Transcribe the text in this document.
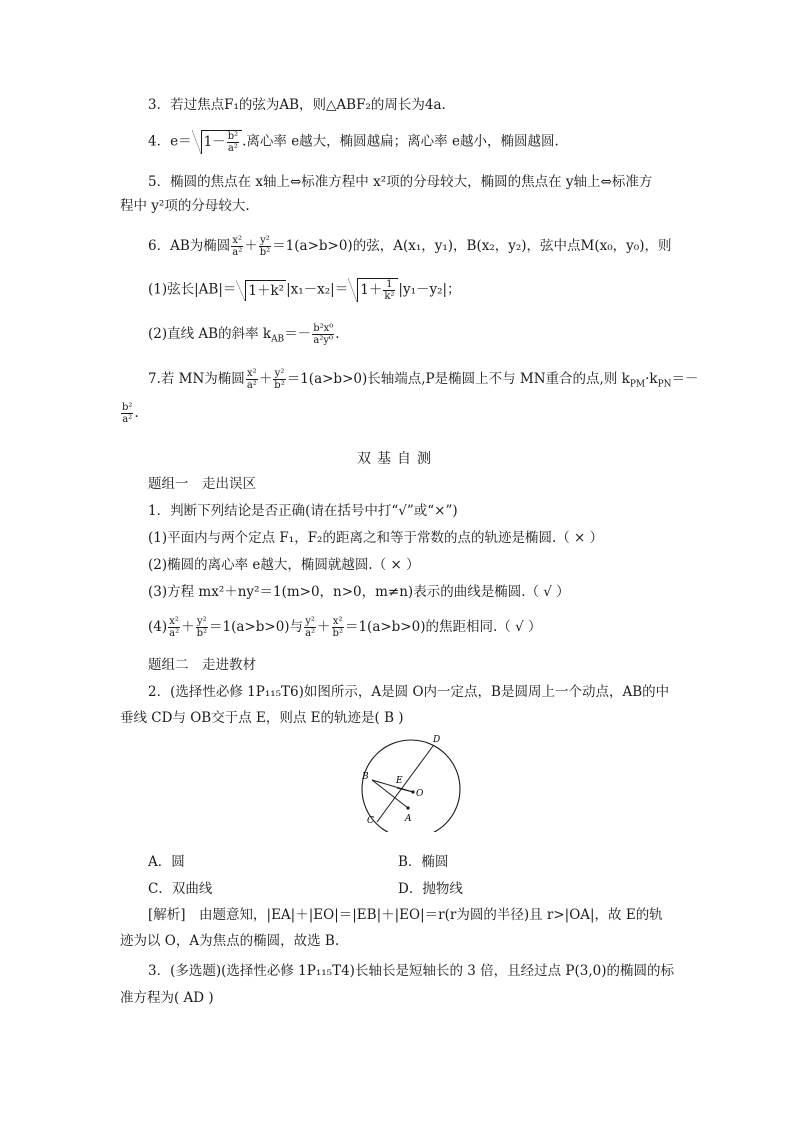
3．若过焦点F₁的弦为AB，则△ABF₂的周长为4a.
4．$e= 1- \frac{\text{b²}}{\text{a²}}$ .离心率 e越大，椭圆越扁；离心率 e越小，椭圆越圆.
5．椭圆的焦点在 x轴上⇔标准方程中 x²项的分母较大，椭圆的焦点在 y轴上⇔标准方
程中 y²项的分母较大.
6．AB为椭圆 $\frac{\text{x²}}{\text{a²}} + \frac{\text{y²}}{\text{b²}} =1(a>b>0)$的弦，A(x₁，y₁)，B(x₂，y₂)，弦中点M(x₀，y₀)，则
(1)弦长|AB|＝ 1＋k² $|x_1-x_2|= 1+ \frac{1}{\text{k²}} |y_1-y_2|$；
(2)直线 AB的斜率 $k_{AB}=- \frac{\text{b²x⁰}}{\text{a²y⁰}}$ .
7.若 MN为椭圆 $\frac{\text{x²}}{\text{a²}} + \frac{\text{y²}}{\text{b²}} =1(a>b>0)$长轴端点,P是椭圆上不与 MN重合的点,则 $k_{PM}\cdot k_{PN}=-$
$\frac{\text{b²}}{\text{a²}}$ .
双基自测
题组一　走出误区
1．判断下列结论是否正确(请在括号中打“√”或“×”)
(1)平面内与两个定点 F₁，F₂的距离之和等于常数的点的轨迹是椭圆.（ × ）
(2)椭圆的离心率 e越大，椭圆就越圆.（ × ）
(3)方程 mx²＋ny²＝1(m>0，n>0，m≠n)表示的曲线是椭圆.（ √ ）
$(4) \frac{\text{x²}}{\text{a²}} + \frac{\text{y²}}{\text{b²}} =1(a>b>0)$与 $\frac{\text{y²}}{\text{a²}} + \frac{\text{x²}}{\text{b²}} =1(a>b>0)$的焦距相同.（ √ ）
题组二　走进教材
2．(选择性必修 1P₁₁₅T6)如图所示，A是圆 O内一定点，B是圆周上一个动点，AB的中
垂线 CD与 OB交于点 E，则点 E的轨迹是( B )
D
B	E
O
A
C
A．圆	B．椭圆
C．双曲线	D．抛物线
[解析]　由题意知，|EA|＋|EO|＝|EB|＋|EO|＝r(r为圆的半径)且 r>|OA|，故 E的轨
迹为以 O，A为焦点的椭圆，故选 B.
3．(多选题)(选择性必修 1P₁₁₅T4)长轴长是短轴长的 3 倍，且经过点 P(3,0)的椭圆的标
准方程为( AD )
